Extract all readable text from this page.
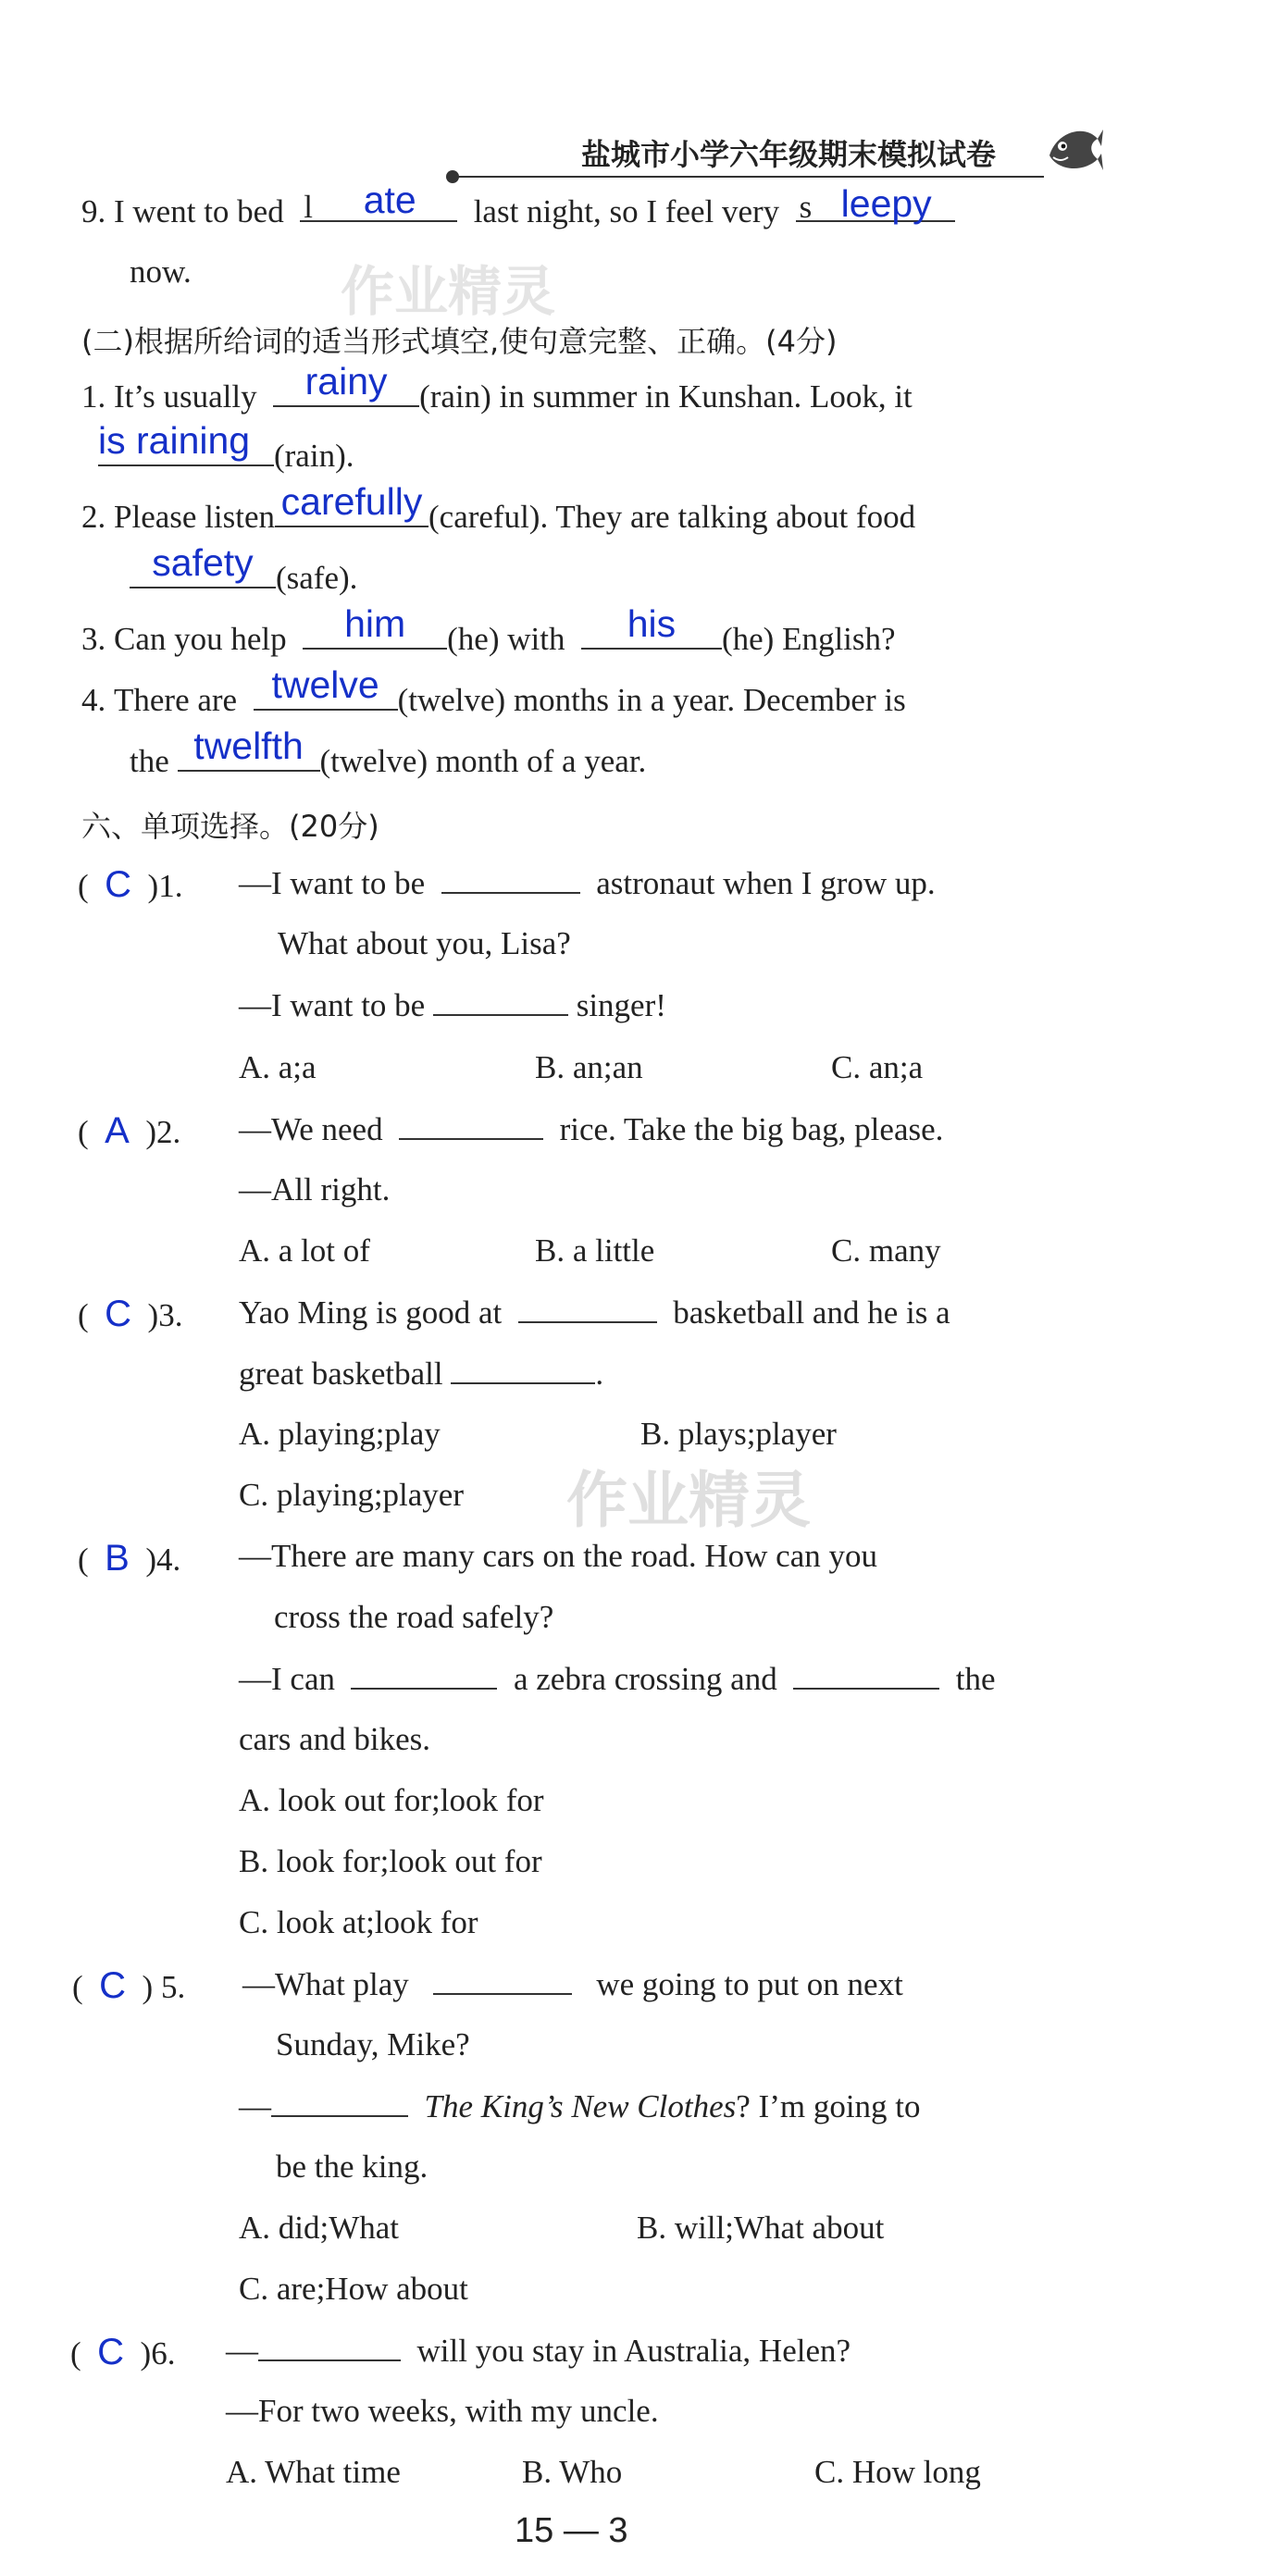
盐城市小学六年级期末模拟试卷
作业精灵
作业精灵
9. I went to bed l	ate	last night, so I feel very s leepy
now.
(二)根据所给词的适当形式填空,使句意完整、正确。(4分)
1. It’s usually	rainy (rain) in summer in Kunshan. Look, it
is raining (rain).
2. Please listen carefully (careful). They are talking about food
safety (safe).
3. Can you help	him	(he) with	his	(he) English?
4. There are twelve (twelve) months in a year. December is
the twelfth (twelve) month of a year.
六、单项选择。(20分)
(  C )1. —I want to be	astronaut when I grow up.
What about you, Lisa?
—I want to be	singer!
A. a;a	B. an;an	C. an;a
(  A )2. —We need	rice. Take the big bag, please.
—All right.
A. a lot of	B. a little	C. many
(  C )3. Yao Ming is good at	basketball and he is a
great basketball	.
A. playing;play	B. plays;player
C. playing;player
(  B )4. —There are many cars on the road. How can you
cross the road safely?
—I can	a zebra crossing and	the
cars and bikes.
A. look out for;look for
B. look for;look out for
C. look at;look for
(  C ) 5. —What play	we going to put on next
Sunday, Mike?
—	The King’s New Clothes? I’m going to
be the king.
A. did;What	B. will;What about
C. are;How about
(  C )6. —	will you stay in Australia, Helen?
—For two weeks, with my uncle.
A. What time	B. Who	C. How long
15 — 3
